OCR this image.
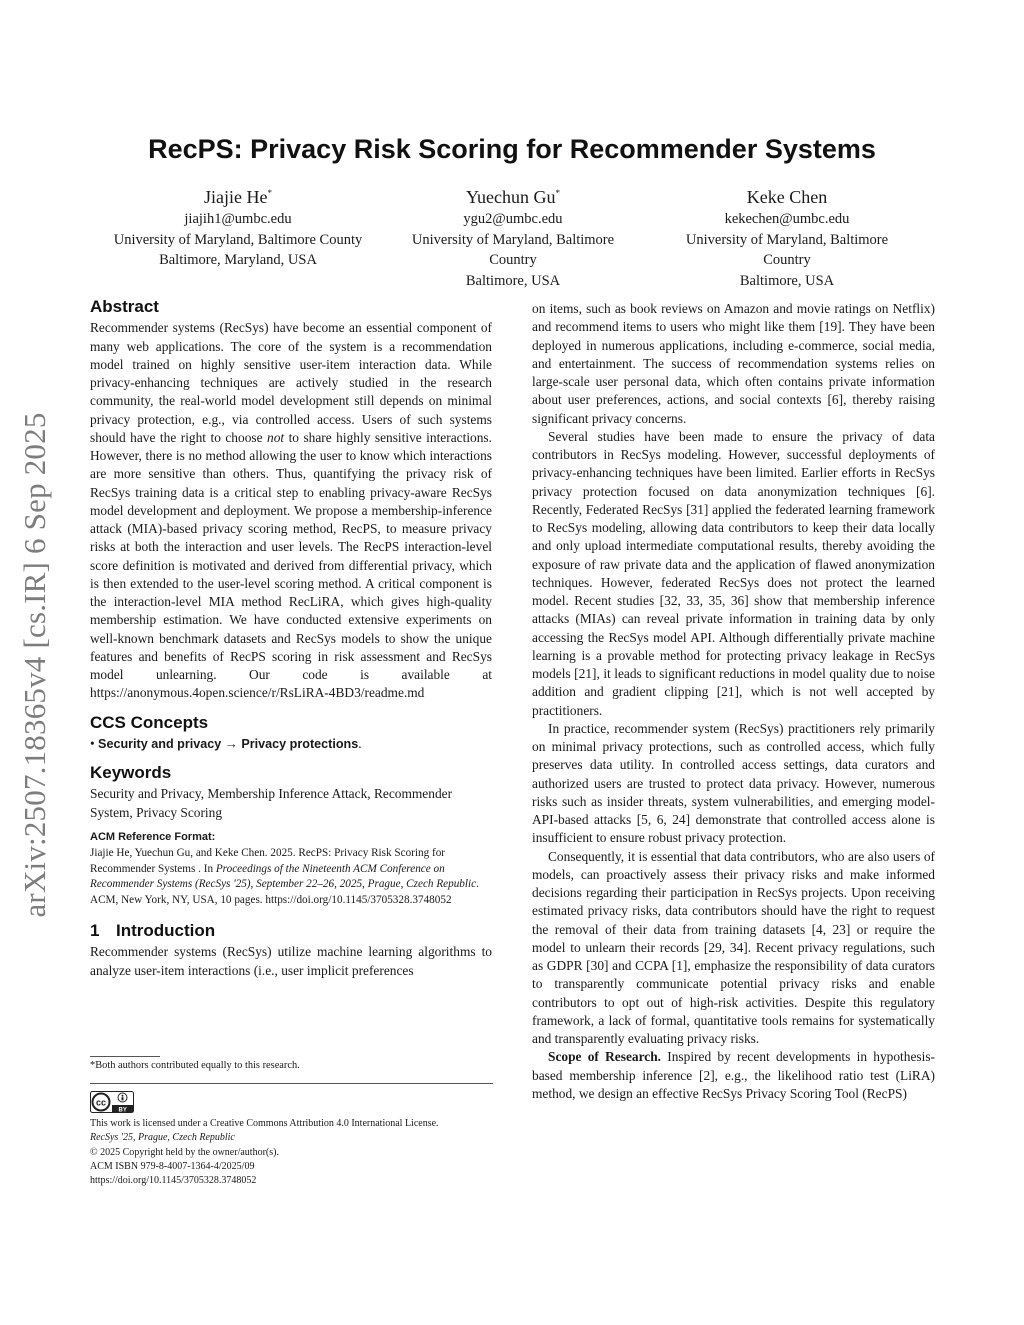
arXiv:2507.18365v4 [cs.IR] 6 Sep 2025
RecPS: Privacy Risk Scoring for Recommender Systems
Jiajie He*
jiajih1@umbc.edu
University of Maryland, Baltimore County
Baltimore, Maryland, USA
Yuechun Gu*
ygu2@umbc.edu
University of Maryland, Baltimore Country
Baltimore, USA
Keke Chen
kekechen@umbc.edu
University of Maryland, Baltimore Country
Baltimore, USA
Abstract

Recommender systems (RecSys) have become an essential component of many web applications. The core of the system is a recommendation model trained on highly sensitive user-item interaction data. While privacy-enhancing techniques are actively studied in the research community, the real-world model development still depends on minimal privacy protection, e.g., via controlled access. Users of such systems should have the right to choose not to share highly sensitive interactions. However, there is no method allowing the user to know which interactions are more sensitive than others. Thus, quantifying the privacy risk of RecSys training data is a critical step to enabling privacy-aware RecSys model development and deployment. We propose a membership-inference attack (MIA)-based privacy scoring method, RecPS, to measure privacy risks at both the interaction and user levels. The RecPS interaction-level score definition is motivated and derived from differential privacy, which is then extended to the user-level scoring method. A critical component is the interaction-level MIA method RecLiRA, which gives high-quality membership estimation. We have conducted extensive experiments on well-known benchmark datasets and RecSys models to show the unique features and benefits of RecPS scoring in risk assessment and RecSys model unlearning. Our code is available at https://anonymous.4open.science/r/RsLiRA-4BD3/readme.md

CCS Concepts

• Security and privacy → Privacy protections.

Keywords

Security and Privacy, Membership Inference Attack, Recommender System, Privacy Scoring

ACM Reference Format:

Jiajie He, Yuechun Gu, and Keke Chen. 2025. RecPS: Privacy Risk Scoring for Recommender Systems . In Proceedings of the Nineteenth ACM Conference on Recommender Systems (RecSys '25), September 22–26, 2025, Prague, Czech Republic. ACM, New York, NY, USA, 10 pages. https://doi.org/10.1145/3705328.3748052

1 Introduction

Recommender systems (RecSys) utilize machine learning algorithms to analyze user-item interactions (i.e., user implicit preferences

on items, such as book reviews on Amazon and movie ratings on Netflix) and recommend items to users who might like them [19]. They have been deployed in numerous applications, including e-commerce, social media, and entertainment. The success of recommendation systems relies on large-scale user personal data, which often contains private information about user preferences, actions, and social contexts [6], thereby raising significant privacy concerns.

Several studies have been made to ensure the privacy of data contributors in RecSys modeling. However, successful deployments of privacy-enhancing techniques have been limited. Earlier efforts in RecSys privacy protection focused on data anonymization techniques [6]. Recently, Federated RecSys [31] applied the federated learning framework to RecSys modeling, allowing data contributors to keep their data locally and only upload intermediate computational results, thereby avoiding the exposure of raw private data and the application of flawed anonymization techniques. However, federated RecSys does not protect the learned model. Recent studies [32, 33, 35, 36] show that membership inference attacks (MIAs) can reveal private information in training data by only accessing the RecSys model API. Although differentially private machine learning is a provable method for protecting privacy leakage in RecSys models [21], it leads to significant reductions in model quality due to noise addition and gradient clipping [21], which is not well accepted by practitioners.

In practice, recommender system (RecSys) practitioners rely primarily on minimal privacy protections, such as controlled access, which fully preserves data utility. In controlled access settings, data curators and authorized users are trusted to protect data privacy. However, numerous risks such as insider threats, system vulnerabilities, and emerging model-API-based attacks [5, 6, 24] demonstrate that controlled access alone is insufficient to ensure robust privacy protection.

Consequently, it is essential that data contributors, who are also users of models, can proactively assess their privacy risks and make informed decisions regarding their participation in RecSys projects. Upon receiving estimated privacy risks, data contributors should have the right to request the removal of their data from training datasets [4, 23] or require the model to unlearn their records [29, 34]. Recent privacy regulations, such as GDPR [30] and CCPA [1], emphasize the responsibility of data curators to transparently communicate potential privacy risks and enable contributors to opt out of high-risk activities. Despite this regulatory framework, a lack of formal, quantitative tools remains for systematically and transparently evaluating privacy risks.

Scope of Research. Inspired by recent developments in hypothesis-based membership inference [2], e.g., the likelihood ratio test (LiRA) method, we design an effective RecSys Privacy Scoring Tool (RecPS)

*Both authors contributed equally to this research.
cc
BY
This work is licensed under a Creative Commons Attribution 4.0 International License.
RecSys '25, Prague, Czech Republic
© 2025 Copyright held by the owner/author(s).
ACM ISBN 979-8-4007-1364-4/2025/09
https://doi.org/10.1145/3705328.3748052
